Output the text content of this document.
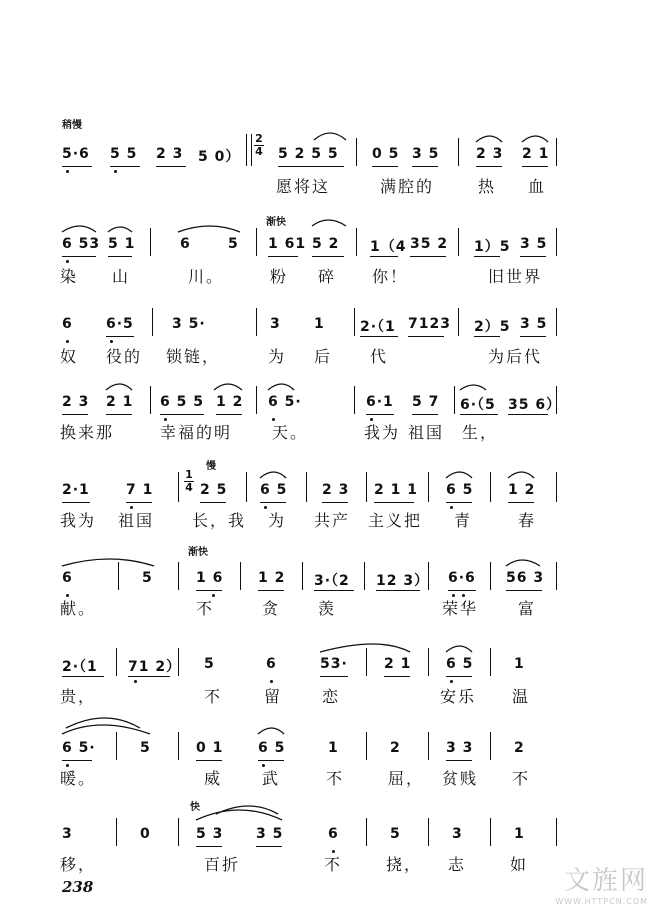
稍慢
渐快
慢
渐快
快
2
4
1
4
5·6 5 5 2 3 5 0）	5 2 5 5 0 5 3 5	2 3 2 1
愿将这	满腔的	热 血
6 53 5 1	6	5 1 61 5 2 1（4 35 2 1）5 3 5
染 山	川。	粉 碎 你！	旧世界
6 6·5	3 5·	3 1	2·（1 7123 2）5 3 5
奴 役的 锁链，	为 后 代	为后代
2 3 2 1 6 5 5 1 2 6 5·	6·1 5 7 6·（5 35 6）
换来那	幸福的明 天。	我为 祖国 生，
2·1	7 1	2 5 6 5 2 3 2 1 1 6 5 1 2
我为 祖国 长，我 为 共产 主义把 青	春
6	5	1 6 1 2 3·（2 12 3） 6·6 56 3
献。	不	贪 羡	荣华 富
2·（1 71 2） 5	6	53·	2 1 6 5	1
贵，	不	留 恋	安乐 温
6 5·	5	0 1 6 5	1	2	3 3	2
暖。	威 武	不	屈， 贫贱 不
3	0	5 3 3 5	6	5	3	1
移，	百折	不	挠， 志	如
238	文旌网
WWW.HTTPCN.COM
